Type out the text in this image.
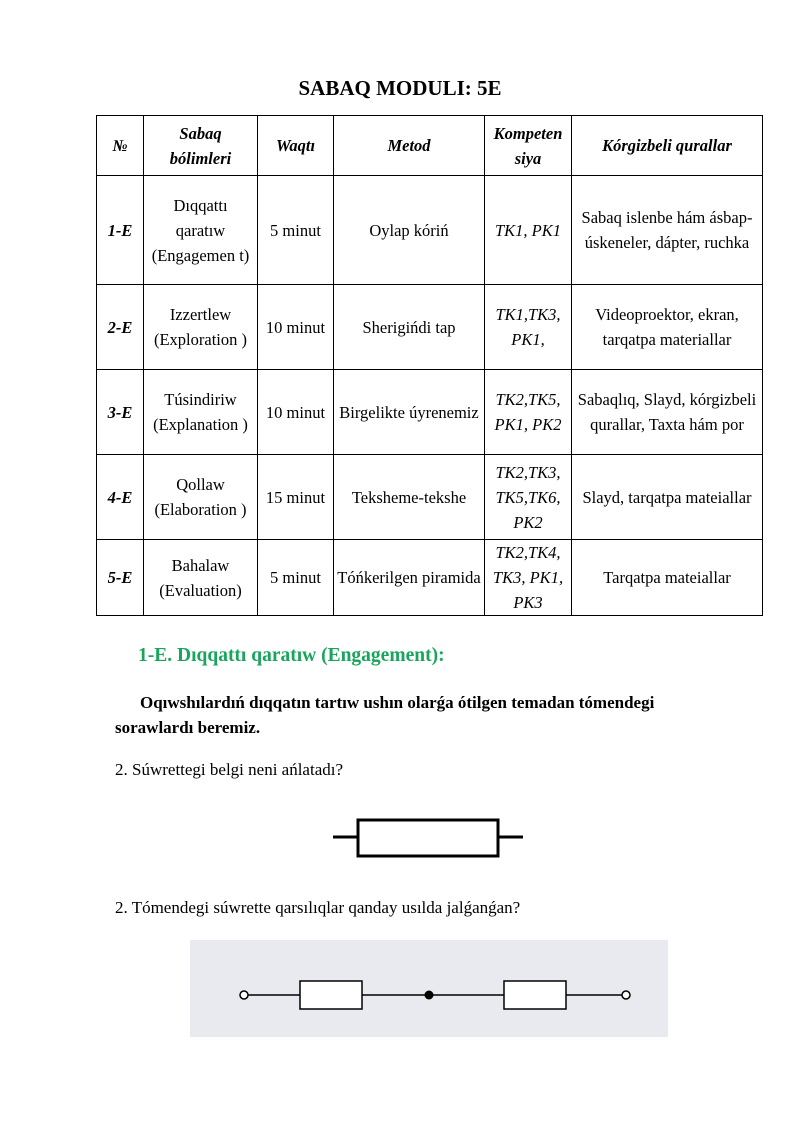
SABAQ MODULI: 5E
№	Sabaq bólimleri	Waqtı	Metod	Kompeten siya	Kórgizbeli qurallar
1-E	Dıqqattı qaratıw (Engagemen t)	5 minut	Oylap kóriń	TK1, PK1	Sabaq islenbe hám ásbap-úskeneler, dápter, ruchka
2-E	Izzertlew (Exploration )	10 minut	Sherigińdi tap	TK1,TK3, PK1,	Videoproektor, ekran, tarqatpa materiallar
3-E	Túsindiriw (Explanation )	10 minut	Birgelikte úyrenemiz	TK2,TK5, PK1, PK2	Sabaqlıq, Slayd, kórgizbeli qurallar, Taxta hám por
4-E	Qollaw (Elaboration )	15 minut	Teksheme-tekshe	TK2,TK3, TK5,TK6, PK2	Slayd, tarqatpa mateiallar
5-E	Bahalaw (Evaluation)	5 minut	Tóńkerilgen piramida	TK2,TK4, TK3, PK1, PK3	Tarqatpa mateiallar
1-E. Dıqqattı qaratıw (Engagement):
Oqıwshılardıń dıqqatın tartıw ushın olarǵa ótilgen temadan tómendegi sorawlardı beremiz.
2. Súwrettegi belgi neni ańlatadı?
2. Tómendegi súwrette qarsılıqlar qanday usılda jalǵanǵan?
